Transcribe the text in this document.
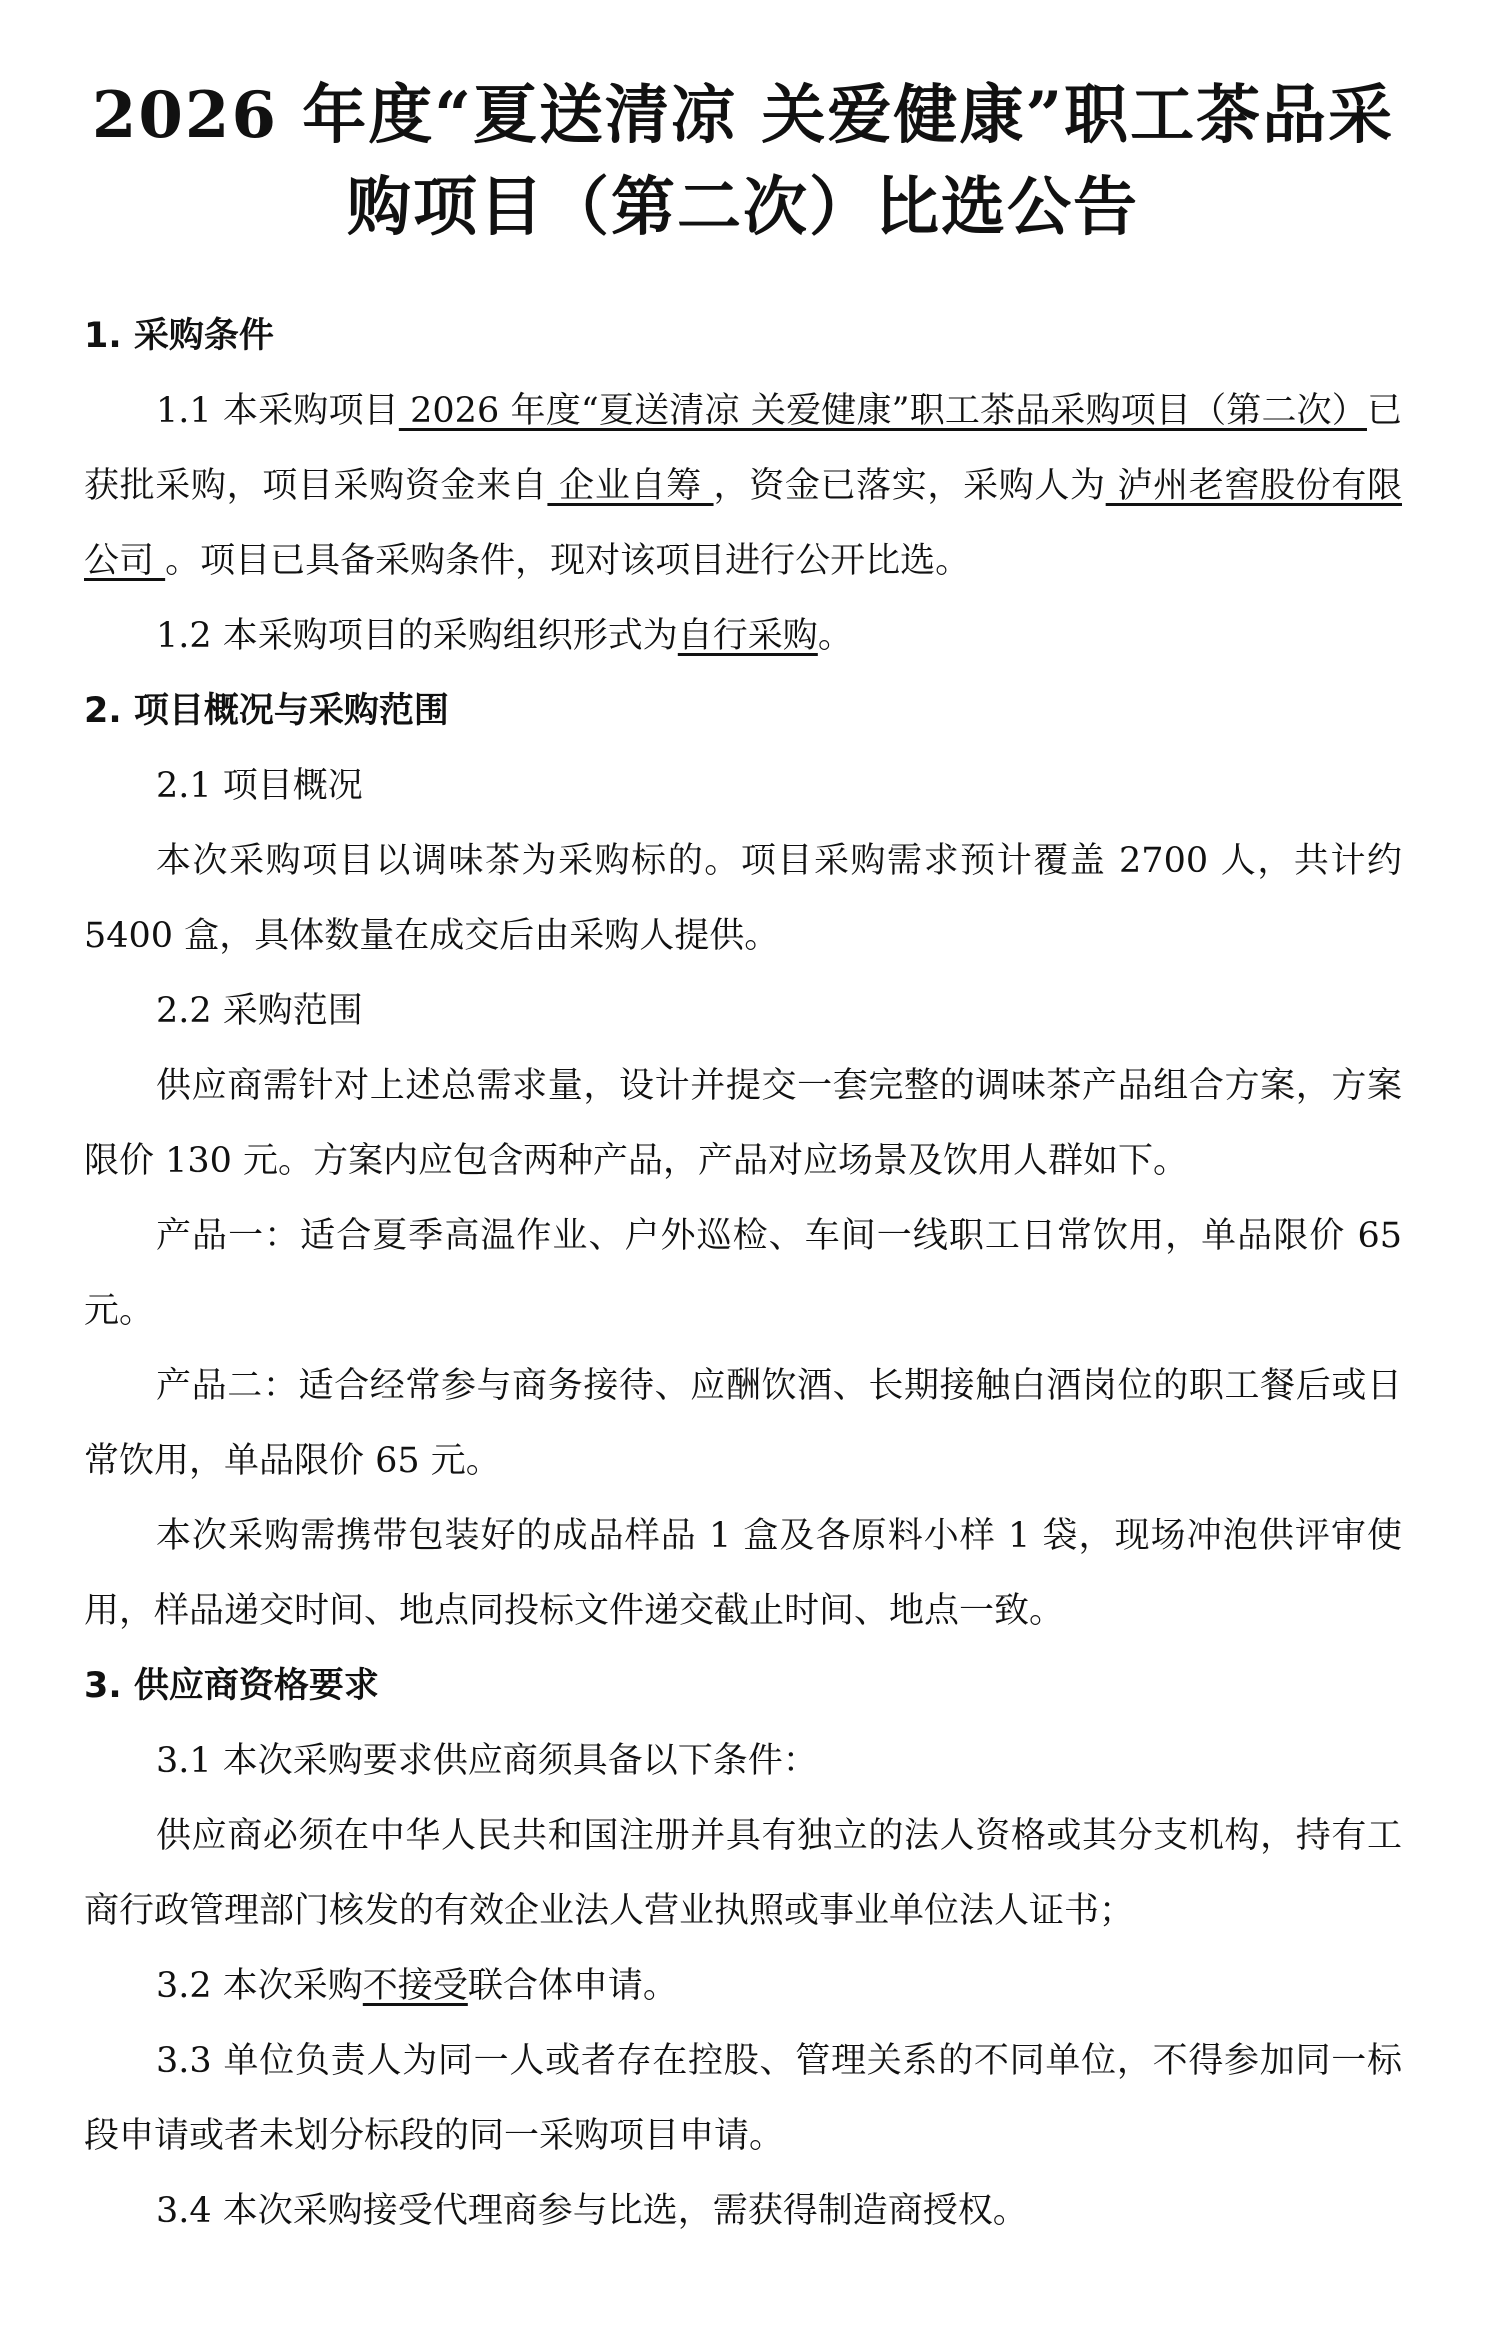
2026 年度“夏送清凉 关爱健康”职工茶品采
购项目（第二次）比选公告
1. 采购条件

1.1 本采购项目 2026 年度“夏送清凉 关爱健康”职工茶品采购项目（第二次）已获批采购，项目采购资金来自 企业自筹 ，资金已落实，采购人为 泸州老窖股份有限公司 。项目已具备采购条件，现对该项目进行公开比选。

1.2 本采购项目的采购组织形式为自行采购。

2. 项目概况与采购范围

2.1 项目概况

本次采购项目以调味茶为采购标的。项目采购需求预计覆盖 2700 人，共计约 5400 盒，具体数量在成交后由采购人提供。

2.2 采购范围

供应商需针对上述总需求量，设计并提交一套完整的调味茶产品组合方案，方案限价 130 元。方案内应包含两种产品，产品对应场景及饮用人群如下。

产品一：适合夏季高温作业、户外巡检、车间一线职工日常饮用，单品限价 65 元。

产品二：适合经常参与商务接待、应酬饮酒、长期接触白酒岗位的职工餐后或日常饮用，单品限价 65 元。

本次采购需携带包装好的成品样品 1 盒及各原料小样 1 袋，现场冲泡供评审使用，样品递交时间、地点同投标文件递交截止时间、地点一致。

3. 供应商资格要求

3.1 本次采购要求供应商须具备以下条件：

供应商必须在中华人民共和国注册并具有独立的法人资格或其分支机构，持有工商行政管理部门核发的有效企业法人营业执照或事业单位法人证书；

3.2 本次采购不接受联合体申请。

3.3 单位负责人为同一人或者存在控股、管理关系的不同单位，不得参加同一标段申请或者未划分标段的同一采购项目申请。

3.4 本次采购接受代理商参与比选，需获得制造商授权。
